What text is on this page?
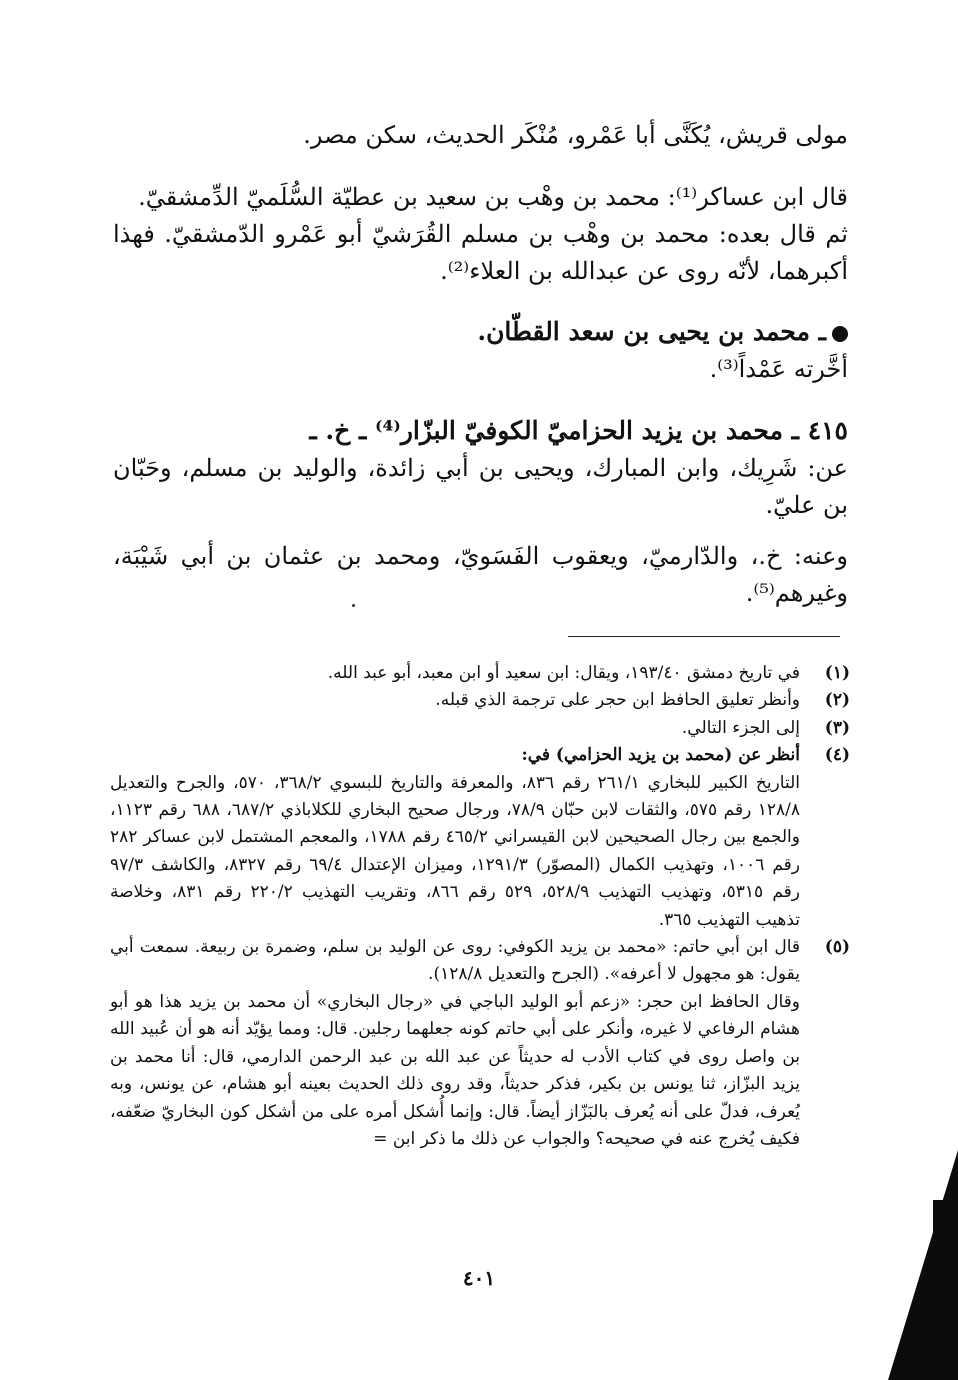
مولى قريش، يُكَنَّى أبا عَمْرو، مُنْكَر الحديث، سكن مصر.

قال ابن عساكر⁽¹⁾: محمد بن وهْب بن سعيد بن عطيّة السُّلَميّ الدِّمشقيّ.

ثم قال بعده: محمد بن وهْب بن مسلم القُرَشيّ أبو عَمْرو الدّمشقيّ. فهذا أكبرهما، لأنّه روى عن عبدالله بن العلاء⁽²⁾.

ـ محمد بن يحيى بن سعد القطّان.

أخَّرته عَمْداً⁽³⁾.

٤١٥ ـ محمد بن يزيد الحزاميّ الكوفيّ البزّار⁽⁴⁾ ـ خ. ـ

عن: شَرِيك، وابن المبارك، ويحيى بن أبي زائدة، والوليد بن مسلم، وحَبّان بن عليّ.

وعنه: خ.، والدّارميّ، ويعقوب الفَسَويّ، ومحمد بن عثمان بن أبي شَيْبَة، وغيرهم⁽⁵⁾.

(١)

في تاريخ دمشق ١٩٣/٤٠، ويقال: ابن سعيد أو ابن معبد، أبو عبد الله.

(٢)

وأنظر تعليق الحافظ ابن حجر على ترجمة الذي قبله.

(٣)

إلى الجزء التالي.

(٤)

أنظر عن (محمد بن يزيد الحزامي) في:

التاريخ الكبير للبخاري ٢٦١/١ رقم ٨٣٦، والمعرفة والتاريخ للبسوي ٣٦٨/٢، ٥٧٠، والجرح والتعديل ١٢٨/٨ رقم ٥٧٥، والثقات لابن حبّان ٧٨/٩، ورجال صحيح البخاري للكلاباذي ٦٨٧/٢، ٦٨٨ رقم ١١٢٣، والجمع بين رجال الصحيحين لابن القيسراني ٤٦٥/٢ رقم ١٧٨٨، والمعجم المشتمل لابن عساكر ٢٨٢ رقم ١٠٠٦، وتهذيب الكمال (المصوّر) ١٢٩١/٣، وميزان الإعتدال ٦٩/٤ رقم ٨٣٢٧، والكاشف ٩٧/٣ رقم ٥٣١٥، وتهذيب التهذيب ٥٢٨/٩، ٥٢٩ رقم ٨٦٦، وتقريب التهذيب ٢٢٠/٢ رقم ٨٣١، وخلاصة تذهيب التهذيب ٣٦٥.

(٥)

قال ابن أبي حاتم: «محمد بن يزيد الكوفي: روى عن الوليد بن سلم، وضمرة بن ربيعة. سمعت أبي يقول: هو مجهول لا أعرفه». (الجرح والتعديل ١٢٨/٨).

وقال الحافظ ابن حجر: «زعم أبو الوليد الباجي في «رجال البخاري» أن محمد بن يزيد هذا هو أبو هشام الرفاعي لا غيره، وأنكر على أبي حاتم كونه جعلهما رجلين. قال: ومما يؤيّد أنه هو أن عُبيد الله بن واصل روى في كتاب الأدب له حديثاً عن عبد الله بن عبد الرحمن الدارمي، قال: أنا محمد بن يزيد البزّاز، ثنا يونس بن بكير، فذكر حديثاً، وقد روى ذلك الحديث بعينه أبو هشام، عن يونس، وبه يُعرف، فدلّ على أنه يُعرف بالبَزّاز أيضاً. قال: وإنما أُشكل أمره على من أشكل كون البخاريّ ضعّفه، فكيف يُخرج عنه في صحيحه؟ والجواب عن ذلك ما ذكر ابن =

٤٠١
